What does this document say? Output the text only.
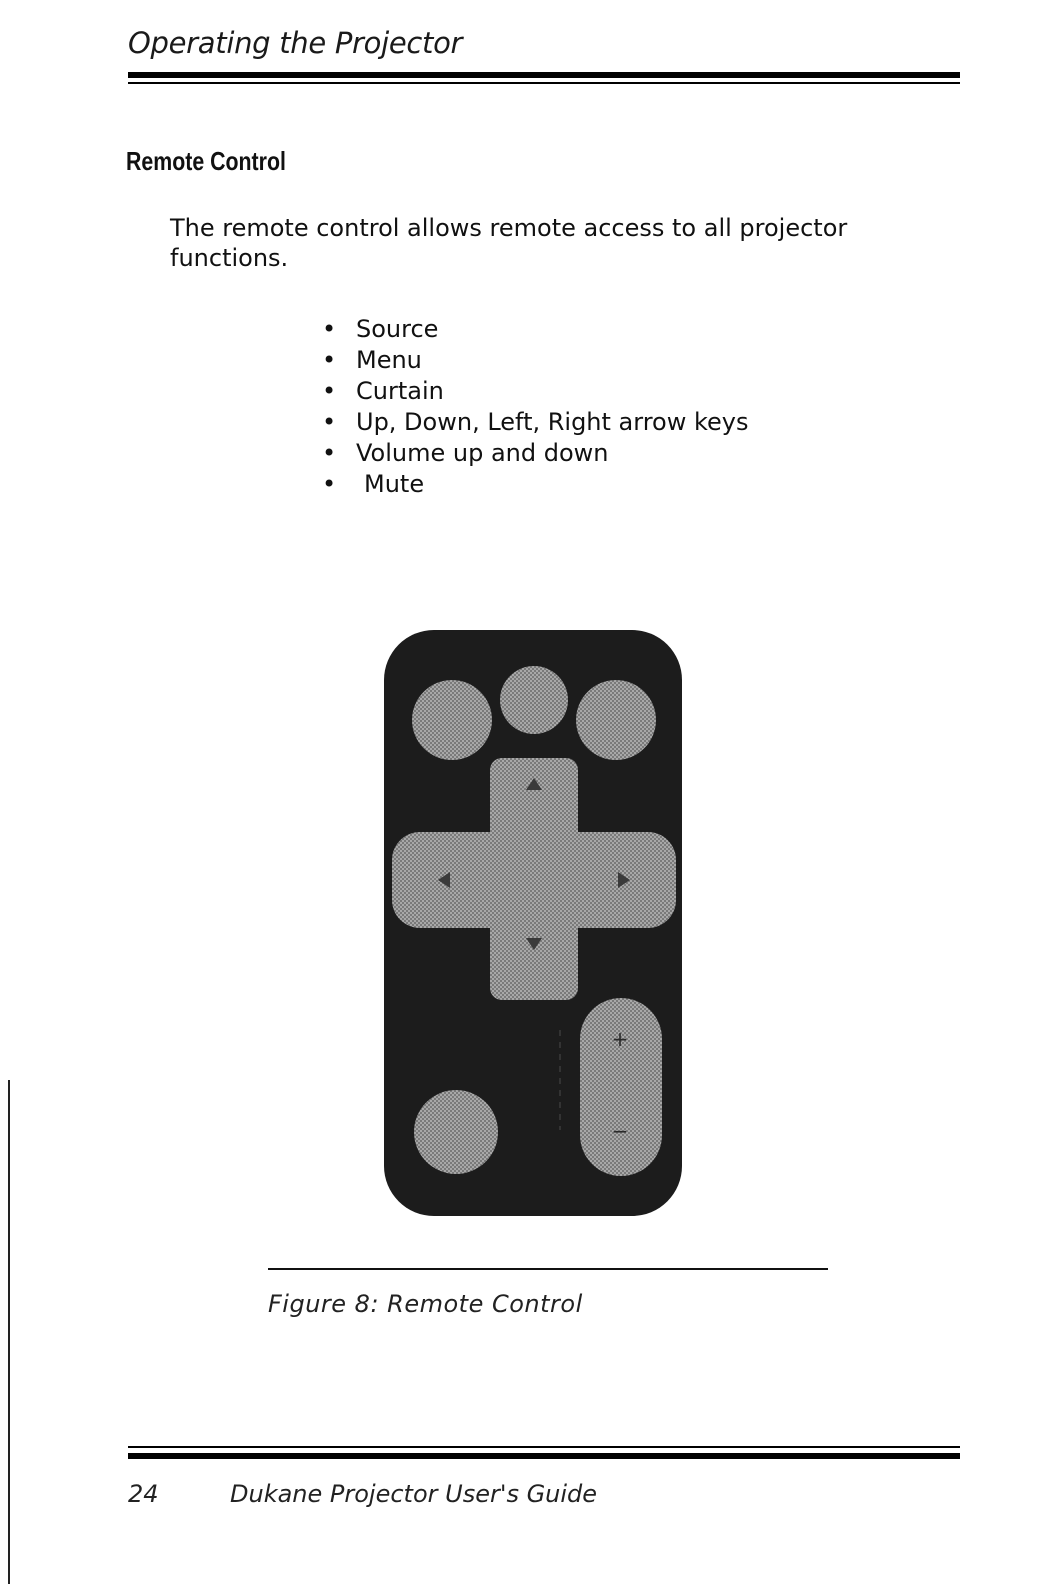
Operating the Projector
Remote Control
The remote control allows remote access to all projector functions.
• Source
• Menu
• Curtain
• Up, Down, Left, Right arrow keys
• Volume up and down
• Mute
+
−
Figure 8: Remote Control
24	Dukane Projector User's Guide
